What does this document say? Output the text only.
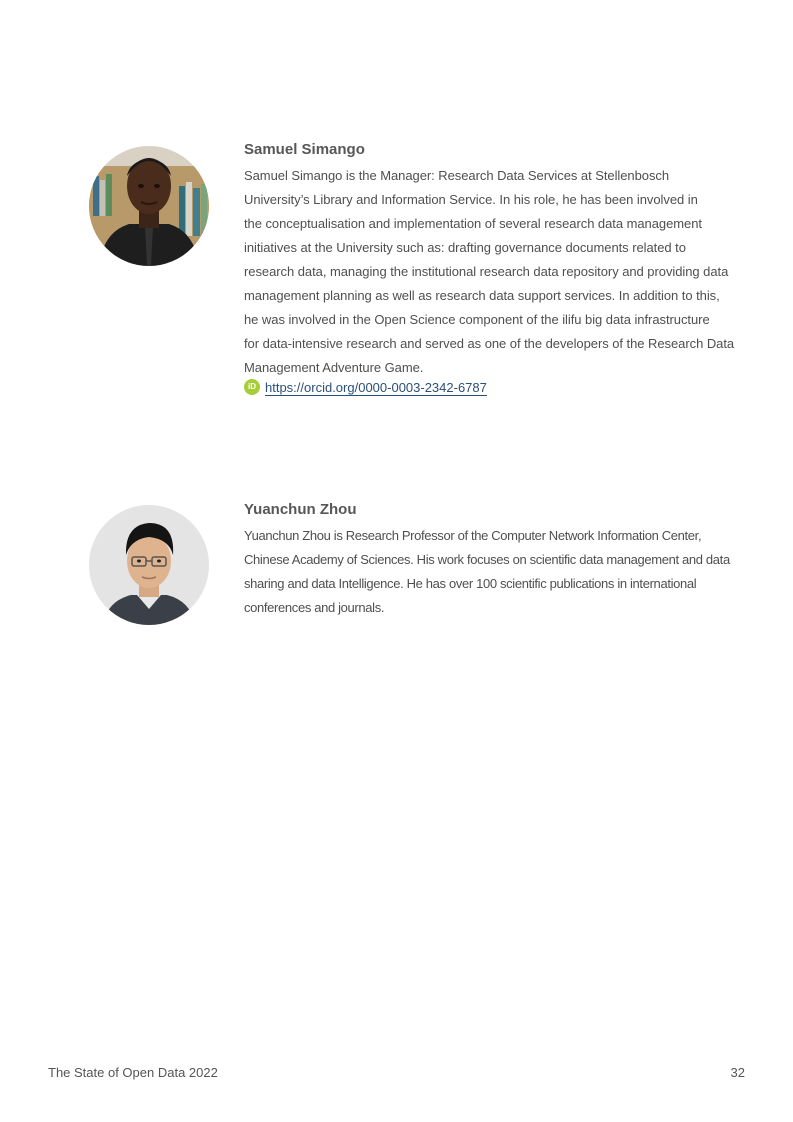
Samuel Simango

Samuel Simango is the Manager: Research Data Services at Stellenbosch
University’s Library and Information Service. In his role, he has been involved in
the conceptualisation and implementation of several research data management
initiatives at the University such as: drafting governance documents related to
research data, managing the institutional research data repository and providing data
management planning as well as research data support services. In addition to this,
he was involved in the Open Science component of the ilifu big data infrastructure
for data-intensive research and served as one of the developers of the Research Data
Management Adventure Game.

iD https://orcid.org/0000-0003-2342-6787
Yuanchun Zhou

Yuanchun Zhou is Research Professor of the Computer Network Information Center,
Chinese Academy of Sciences. His work focuses on scientific data management and data
sharing and data Intelligence. He has over 100 scientific publications in international
conferences and journals.

The State of Open Data 2022	32
